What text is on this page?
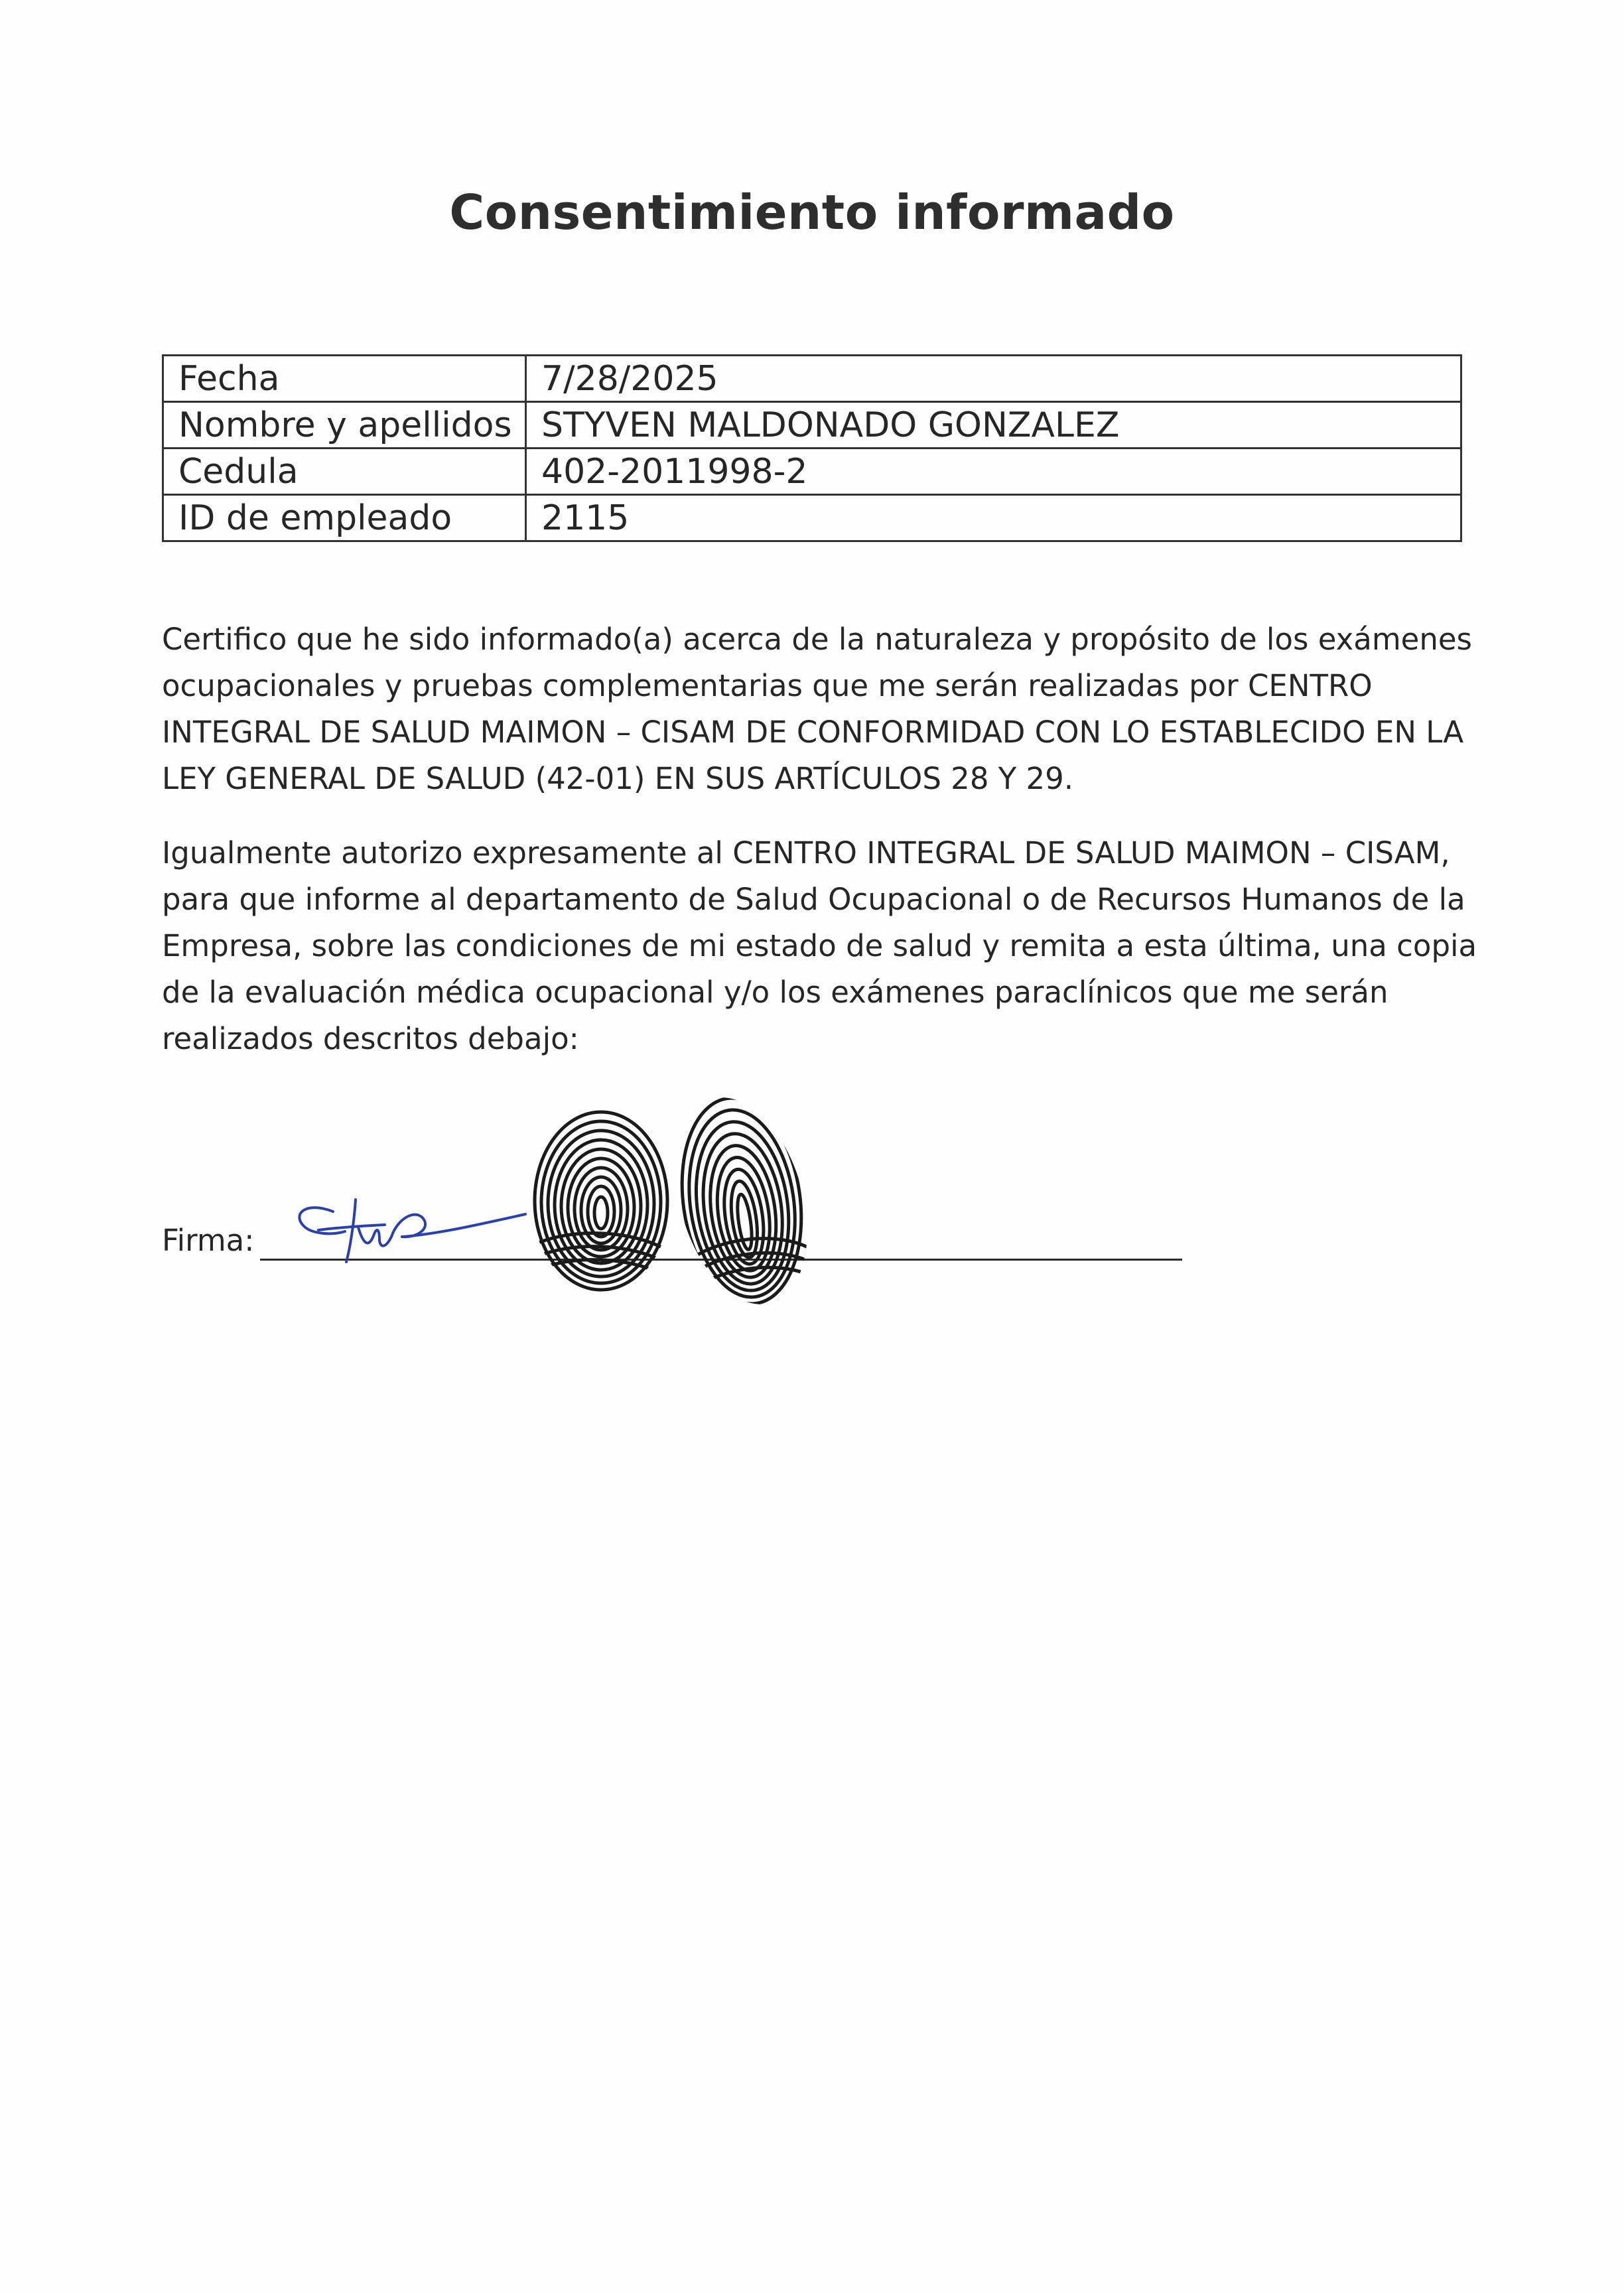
Consentimiento informado
Fecha	7/28/2025
Nombre y apellidos	STYVEN MALDONADO GONZALEZ
Cedula	402-2011998-2
ID de empleado	2115

Certifico que he sido informado(a) acerca de la naturaleza y propósito de los exámenes ocupacionales y pruebas complementarias que me serán realizadas por CENTRO INTEGRAL DE SALUD MAIMON – CISAM DE CONFORMIDAD CON LO ESTABLECIDO EN LA LEY GENERAL DE SALUD (42-01) EN SUS ARTÍCULOS 28 Y 29.

Igualmente autorizo expresamente al CENTRO INTEGRAL DE SALUD MAIMON – CISAM, para que informe al departamento de Salud Ocupacional o de Recursos Humanos de la Empresa, sobre las condiciones de mi estado de salud y remita a esta última, una copia de la evaluación médica ocupacional y/o los exámenes paraclínicos que me serán realizados descritos debajo:

Firma:
